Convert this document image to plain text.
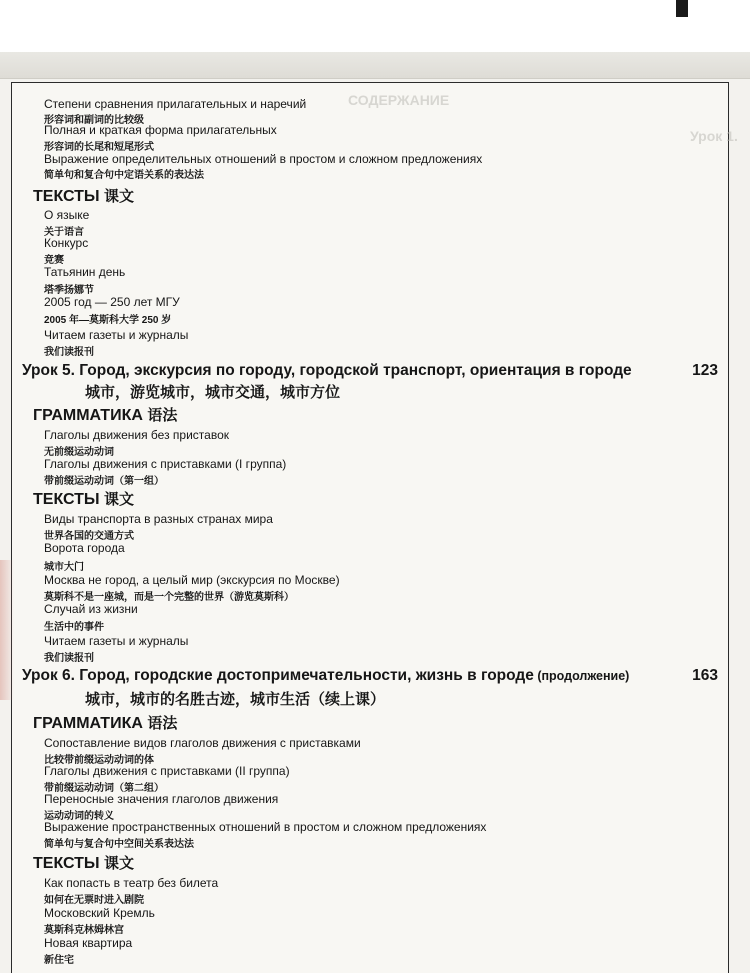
СОДЕРЖАНИЕ
Урок 1.
Степени сравнения прилагательных и наречий
形容词和副词的比较级
Полная и краткая форма прилагательных
形容词的长尾和短尾形式
Выражение определительных отношений в простом и сложном предложениях
简单句和复合句中定语关系的表达法
ТЕКСТЫ 课文
О языке
关于语言
Конкурс
竞赛
Татьянин день
塔季扬娜节
2005 год — 250 лет МГУ
2005 年—莫斯科大学 250 岁
Читаем газеты и журналы
我们读报刊
123
Урок 5. Город, экскурсия по городу, городской транспорт, ориентация в городе
城市，游览城市，城市交通，城市方位
ГРАММАТИКА 语法
Глаголы движения без приставок
无前缀运动动词
Глаголы движения с приставками (I группа)
带前缀运动动词（第一组）
ТЕКСТЫ 课文
Виды транспорта в разных странах мира
世界各国的交通方式
Ворота города
城市大门
Москва не город, а целый мир (экскурсия по Москве)
莫斯科不是一座城，而是一个完整的世界（游览莫斯科）
Случай из жизни
生活中的事件
Читаем газеты и журналы
我们读报刊
163
Урок 6. Город, городские достопримечательности, жизнь в городе (продолжение)
城市，城市的名胜古迹，城市生活（续上课）
ГРАММАТИКА 语法
Сопоставление видов глаголов движения с приставками
比较带前缀运动动词的体
Глаголы движения с приставками (II группа)
带前缀运动动词（第二组）
Переносные значения глаголов движения
运动动词的转义
Выражение пространственных отношений в простом и сложном предложениях
简单句与复合句中空间关系表达法
ТЕКСТЫ 课文
Как попасть в театр без билета
如何在无票时进入剧院
Московский Кремль
莫斯科克林姆林宫
Новая квартира
新住宅
